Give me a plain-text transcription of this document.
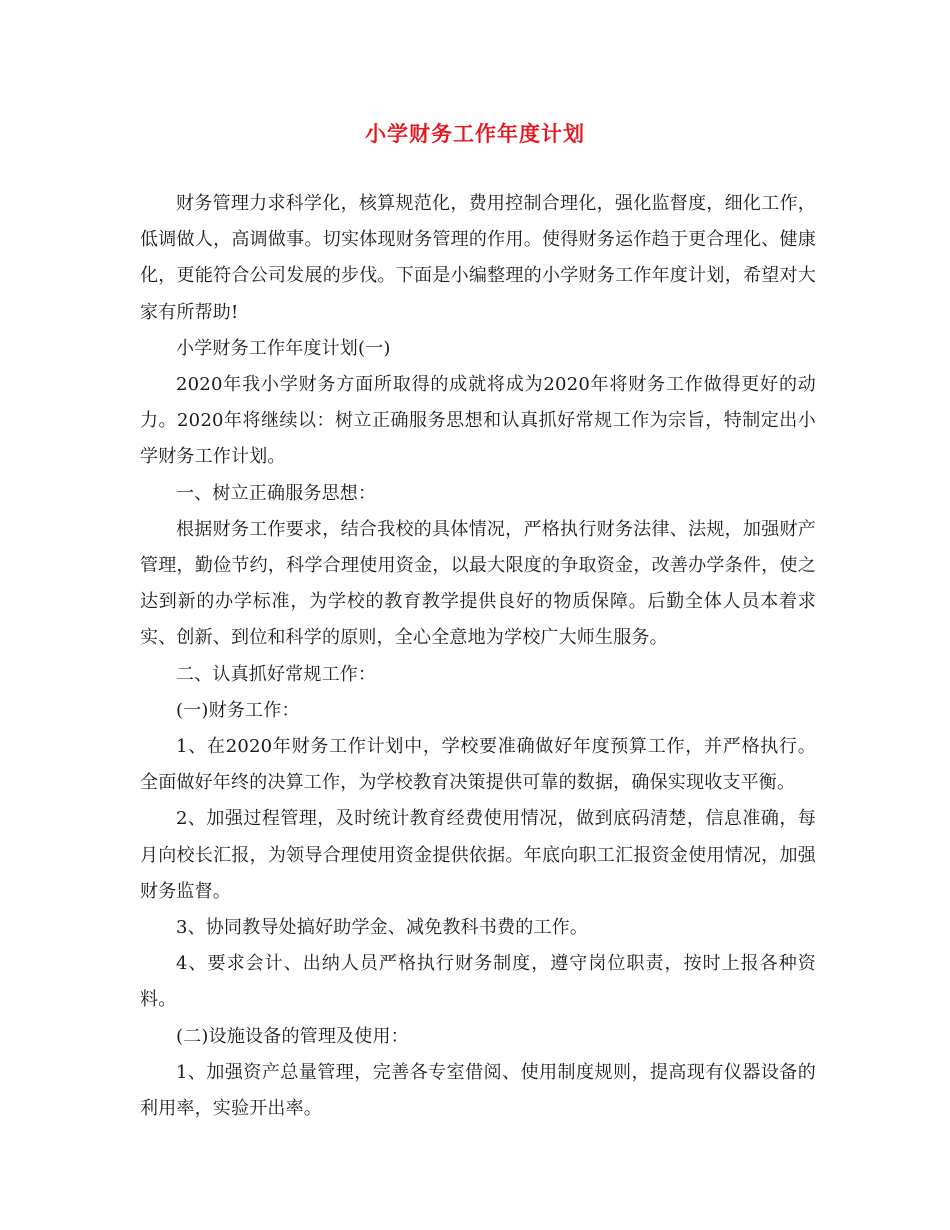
小学财务工作年度计划

财务管理力求科学化，核算规范化，费用控制合理化，强化监督度，细化工作，低调做人，高调做事。切实体现财务管理的作用。使得财务运作趋于更合理化、健康化，更能符合公司发展的步伐。下面是小编整理的小学财务工作年度计划，希望对大家有所帮助!

小学财务工作年度计划(一)

2020年我小学财务方面所取得的成就将成为2020年将财务工作做得更好的动力。2020年将继续以：树立正确服务思想和认真抓好常规工作为宗旨，特制定出小学财务工作计划。

一、树立正确服务思想：

根据财务工作要求，结合我校的具体情况，严格执行财务法律、法规，加强财产管理，勤俭节约，科学合理使用资金，以最大限度的争取资金，改善办学条件，使之达到新的办学标准，为学校的教育教学提供良好的物质保障。后勤全体人员本着求实、创新、到位和科学的原则，全心全意地为学校广大师生服务。

二、认真抓好常规工作：

(一)财务工作：

1、在2020年财务工作计划中，学校要准确做好年度预算工作，并严格执行。全面做好年终的决算工作，为学校教育决策提供可靠的数据，确保实现收支平衡。

2、加强过程管理，及时统计教育经费使用情况，做到底码清楚，信息准确，每月向校长汇报，为领导合理使用资金提供依据。年底向职工汇报资金使用情况，加强财务监督。

3、协同教导处搞好助学金、减免教科书费的工作。

4、要求会计、出纳人员严格执行财务制度，遵守岗位职责，按时上报各种资料。

(二)设施设备的管理及使用：

1、加强资产总量管理，完善各专室借阅、使用制度规则，提高现有仪器设备的利用率，实验开出率。
